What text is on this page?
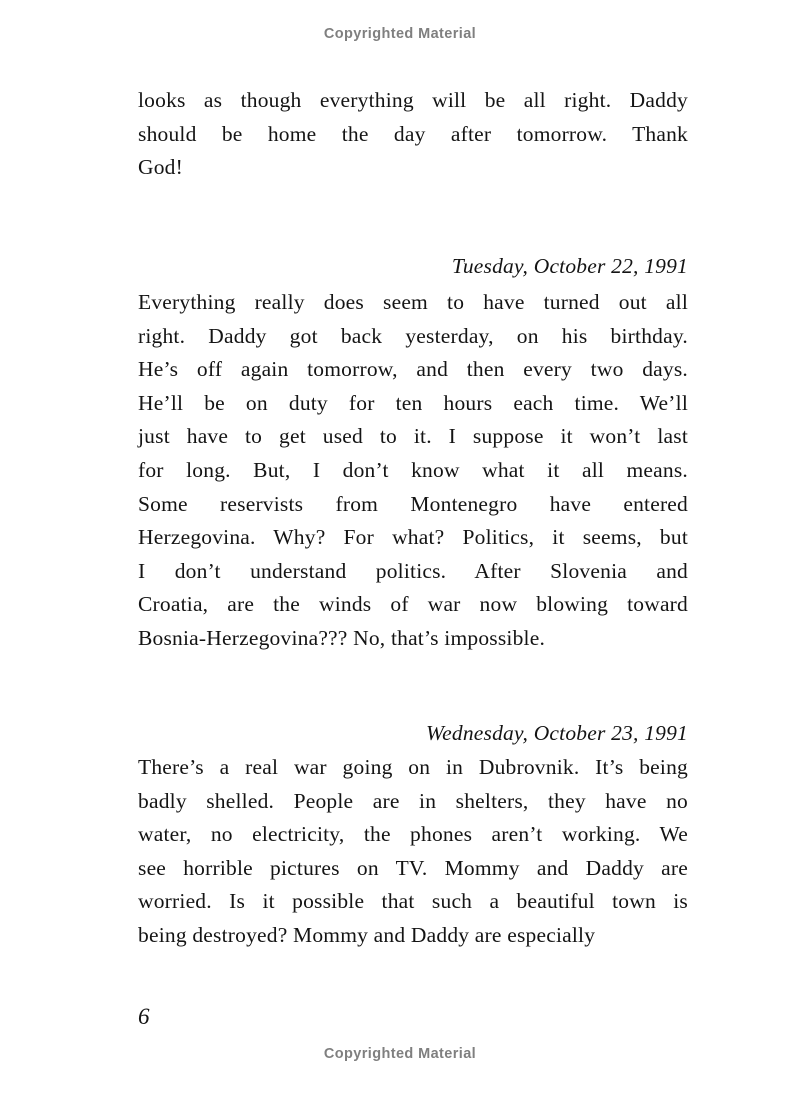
Copyrighted Material
looks as though everything will be all right. Daddy
should be home the day after tomorrow. Thank
God!
Tuesday, October 22, 1991
Everything really does seem to have turned out all
right. Daddy got back yesterday, on his birthday.
He’s off again tomorrow, and then every two days.
He’ll be on duty for ten hours each time. We’ll
just have to get used to it. I suppose it won’t last
for long. But, I don’t know what it all means.
Some reservists from Montenegro have entered
Herzegovina. Why? For what? Politics, it seems, but
I don’t understand politics. After Slovenia and
Croatia, are the winds of war now blowing toward
Bosnia-Herzegovina??? No, that’s impossible.
Wednesday, October 23, 1991
There’s a real war going on in Dubrovnik. It’s being
badly shelled. People are in shelters, they have no
water, no electricity, the phones aren’t working. We
see horrible pictures on TV. Mommy and Daddy are
worried. Is it possible that such a beautiful town is
being destroyed? Mommy and Daddy are especially
6
Copyrighted Material
